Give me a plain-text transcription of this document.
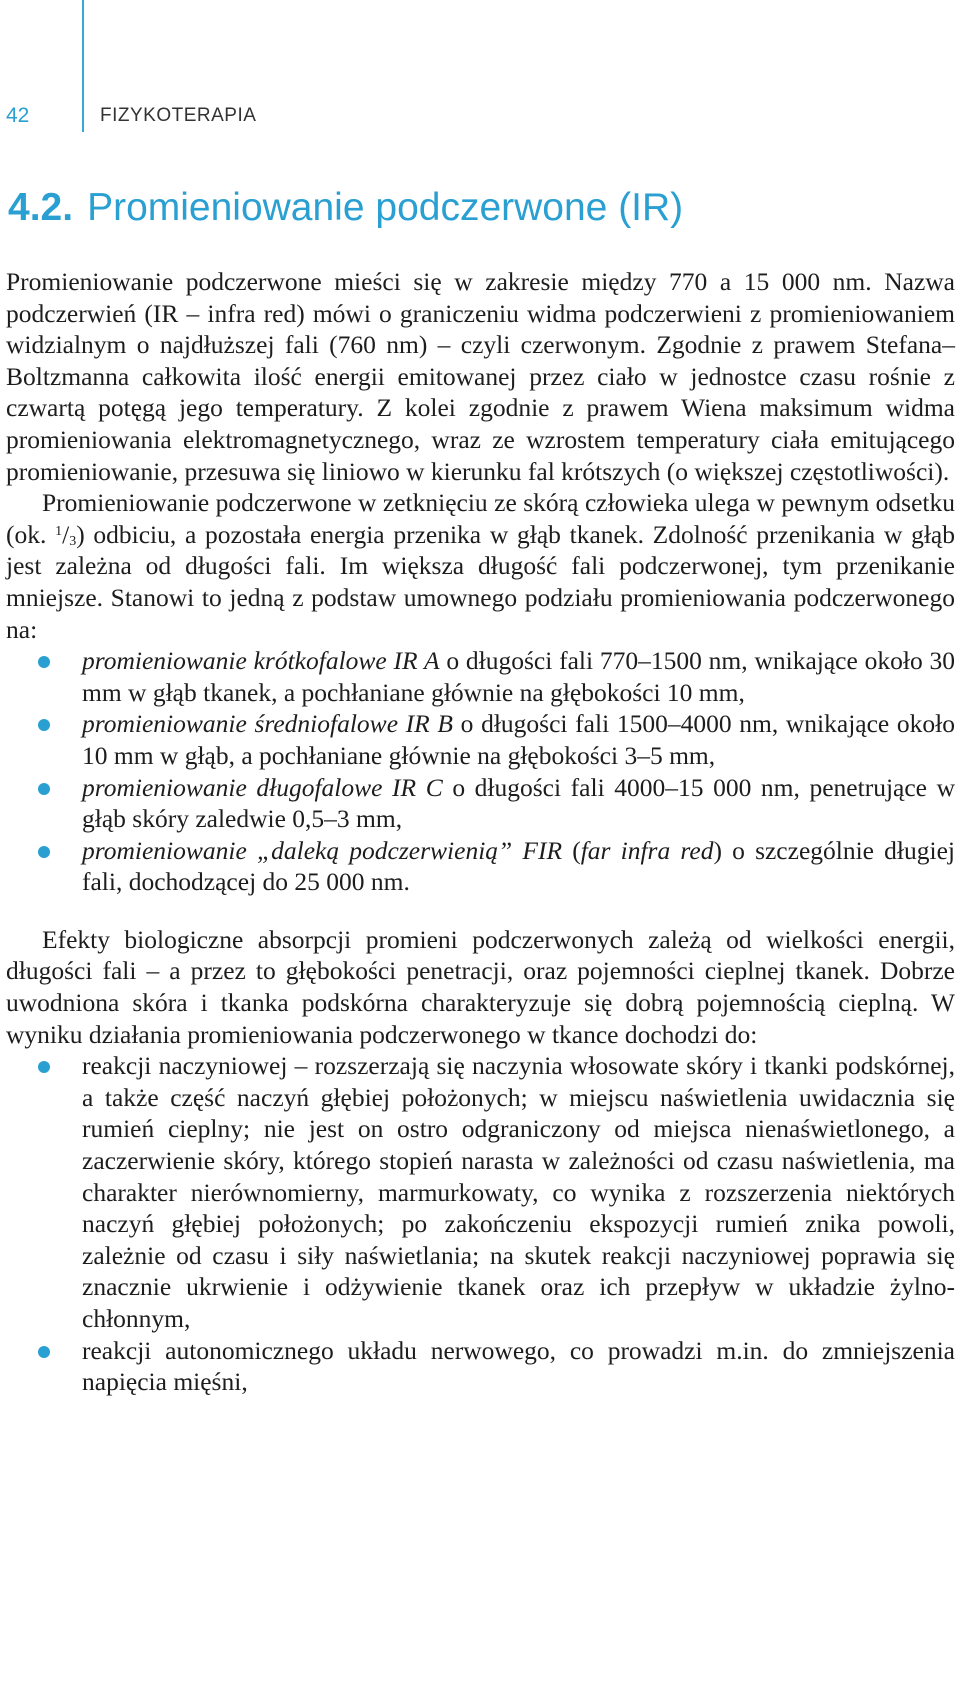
42	FIZYKOTERAPIA
4.2. Promieniowanie podczerwone (IR)

Promieniowanie podczerwone mieści się w zakresie między 770 a 15 000 nm. Nazwa podczerwień (IR – infra red) mówi o graniczeniu widma podczerwieni z promieniowaniem widzialnym o najdłuższej fali (760 nm) – czyli czerwonym. Zgodnie z prawem Stefana–Boltzmanna całkowita ilość energii emitowanej przez ciało w jednostce czasu rośnie z czwartą potęgą jego temperatury. Z kolei zgodnie z prawem Wiena maksimum widma promieniowania elektromagnetycznego, wraz ze wzrostem temperatury ciała emitującego promieniowanie, przesuwa się liniowo w kierunku fal krótszych (o większej częstotliwości).

Promieniowanie podczerwone w zetknięciu ze skórą człowieka ulega w pewnym odsetku (ok. $^1/_3$) odbiciu, a pozostała energia przenika w głąb tkanek. Zdolność przenikania w głąb jest zależna od długości fali. Im większa długość fali podczerwonej, tym przenikanie mniejsze. Stanowi to jedną z podstaw umownego podziału promieniowania podczerwonego na:

promieniowanie krótkofalowe IR A o długości fali 770–1500 nm, wnikające około 30 mm w głąb tkanek, a pochłaniane głównie na głębokości 10 mm,
promieniowanie średniofalowe IR B o długości fali 1500–4000 nm, wnikające około 10 mm w głąb, a pochłaniane głównie na głębokości 3–5 mm,
promieniowanie długofalowe IR C o długości fali 4000–15 000 nm, penetrujące w głąb skóry zaledwie 0,5–3 mm,
promieniowanie „daleką podczerwienią” FIR (far infra red) o szczególnie długiej fali, dochodzącej do 25 000 nm.

Efekty biologiczne absorpcji promieni podczerwonych zależą od wielkości energii, długości fali – a przez to głębokości penetracji, oraz pojemności cieplnej tkanek. Dobrze uwodniona skóra i tkanka podskórna charakteryzuje się dobrą pojemnością cieplną. W wyniku działania promieniowania podczerwonego w tkance dochodzi do:

reakcji naczyniowej – rozszerzają się naczynia włosowate skóry i tkanki podskórnej, a także część naczyń głębiej położonych; w miejscu naświetlenia uwidacznia się rumień cieplny; nie jest on ostro odgraniczony od miejsca nienaświetlonego, a zaczerwienie skóry, którego stopień narasta w zależności od czasu naświetlenia, ma charakter nierównomierny, marmurkowaty, co wynika z rozszerzenia niektórych naczyń głębiej położonych; po zakończeniu ekspozycji rumień znika powoli, zależnie od czasu i siły naświetlania; na skutek reakcji naczyniowej poprawia się znacznie ukrwienie i odżywienie tkanek oraz ich przepływ w układzie żylno-chłonnym,
reakcji autonomicznego układu nerwowego, co prowadzi m.in. do zmniejszenia napięcia mięśni,
